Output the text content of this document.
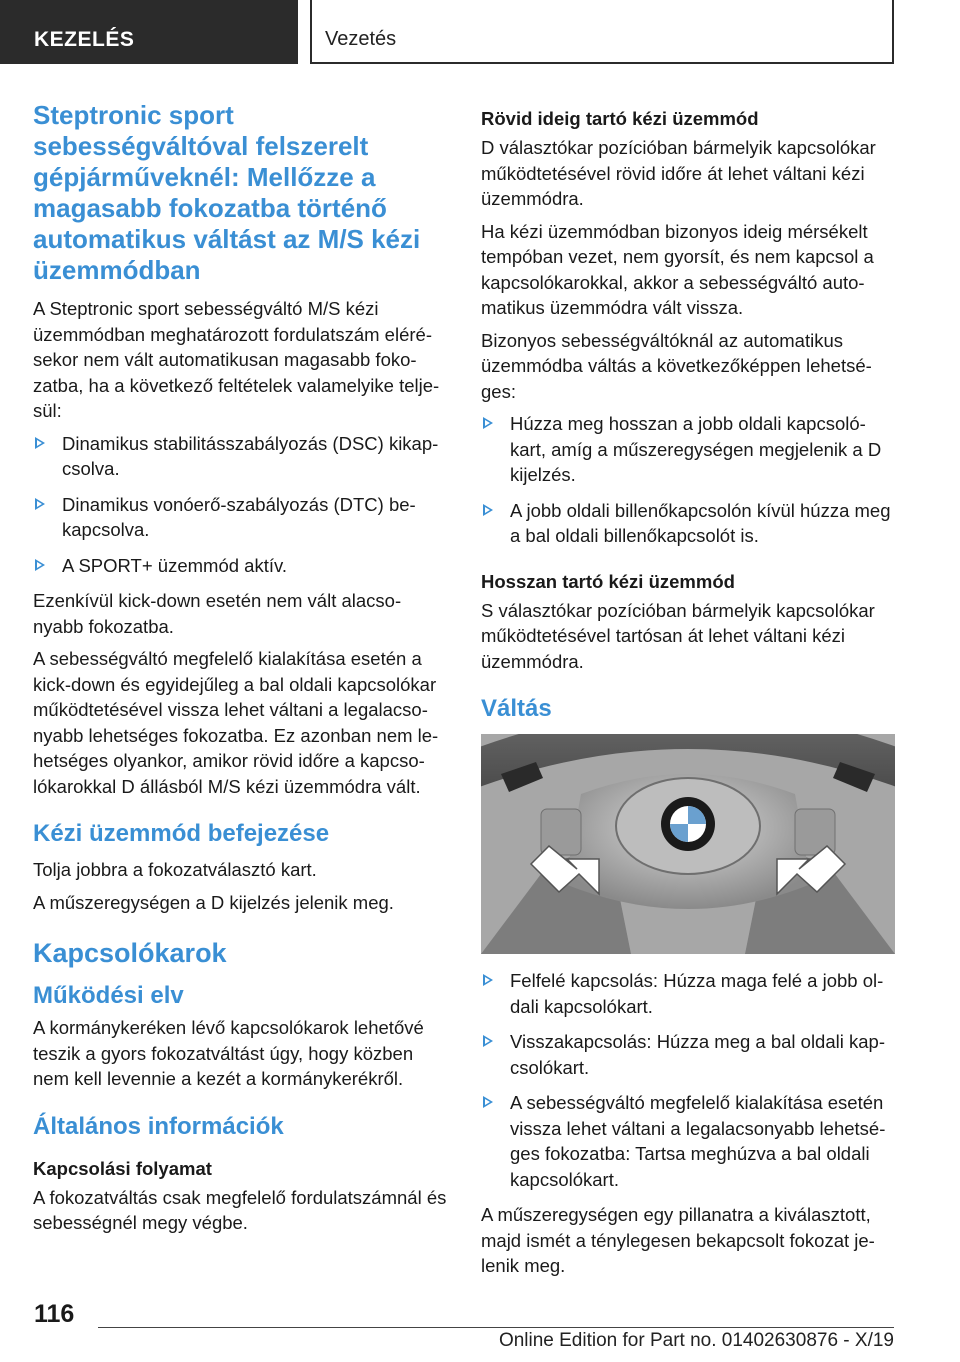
KEZELÉS	Vezetés
Steptronic sport sebességváltóval felszerelt gépjárműveknél: Mellőzze a magasabb fokozatba történő automatikus váltást az M/S kézi üzemmódban

A Steptronic sport sebességváltó M/S kézi üzemmódban meghatározott fordulatszám eléré- sekor nem vált automatikusan magasabb foko- zatba, ha a következő feltételek valamelyike telje- sül:

Dinamikus stabilitásszabályozás (DSC) kikap- csolva.
Dinamikus vonóerő-szabályozás (DTC) be- kapcsolva.
A SPORT+ üzemmód aktív.

Ezenkívül kick-down esetén nem vált alacso- nyabb fokozatba.

A sebességváltó megfelelő kialakítása esetén a kick-down és egyidejűleg a bal oldali kapcsolókar működtetésével vissza lehet váltani a legalacso- nyabb lehetséges fokozatba. Ez azonban nem le- hetséges olyankor, amikor rövid időre a kapcso- lókarokkal D állásból M/S kézi üzemmódra vált.

Kézi üzemmód befejezése

Tolja jobbra a fokozatválasztó kart.

A műszeregységen a D kijelzés jelenik meg.

Kapcsolókarok
Működési elv

A kormánykeréken lévő kapcsolókarok lehetővé teszik a gyors fokozatváltást úgy, hogy közben nem kell levennie a kezét a kormánykerékről.

Általános információk
Kapcsolási folyamat

A fokozatváltás csak megfelelő fordulatszámnál és sebességnél megy végbe.

Rövid ideig tartó kézi üzemmód

D választókar pozícióban bármelyik kapcsolókar működtetésével rövid időre át lehet váltani kézi üzemmódra.

Ha kézi üzemmódban bizonyos ideig mérsékelt tempóban vezet, nem gyorsít, és nem kapcsol a kapcsolókarokkal, akkor a sebességváltó auto- matikus üzemmódra vált vissza.

Bizonyos sebességváltóknál az automatikus üzemmódba váltás a következőképpen lehetsé- ges:

Húzza meg hosszan a jobb oldali kapcsoló- kart, amíg a műszeregységen megjelenik a D kijelzés.
A jobb oldali billenőkapcsolón kívül húzza meg a bal oldali billenőkapcsolót is.
Hosszan tartó kézi üzemmód

S választókar pozícióban bármelyik kapcsolókar működtetésével tartósan át lehet váltani kézi üzemmódra.

Váltás
Felfelé kapcsolás: Húzza maga felé a jobb ol- dali kapcsolókart.
Visszakapcsolás: Húzza meg a bal oldali kap- csolókart.
A sebességváltó megfelelő kialakítása esetén vissza lehet váltani a legalacsonyabb lehetsé- ges fokozatba: Tartsa meghúzva a bal oldali kapcsolókart.

A műszeregységen egy pillanatra a kiválasztott, majd ismét a ténylegesen bekapcsolt fokozat je- lenik meg.

116
Online Edition for Part no. 01402630876 - X/19
